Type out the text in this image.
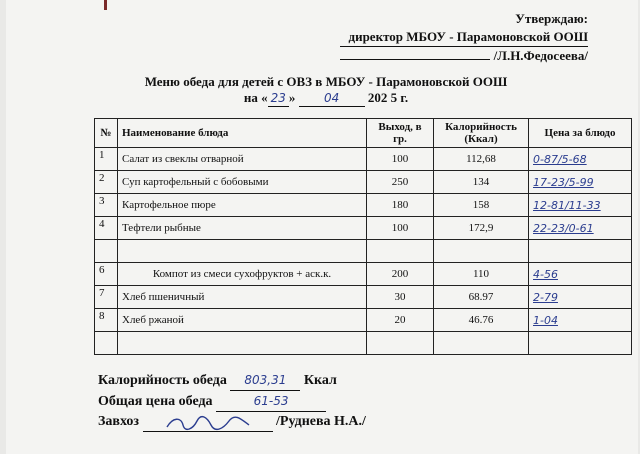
Утверждаю:
директор МБОУ - Парамоновской ООШ
/Л.Н.Федосеева/
Меню обеда для детей с ОВЗ в МБОУ - Парамоновской ООШ
на « 23 » 04 202 5 г.
№	Наименование блюда	Выход, в гр.	Калорийность (Ккал)	Цена за блюдо
1	Салат из свеклы отварной	100	112,68	0-87/5-68
2	Суп картофельный с бобовыми	250	134	17-23/5-99
3	Картофельное пюре	180	158	12-81/11-33
4	Тефтели рыбные	100	172,9	22-23/0-61

6	Компот из смеси сухофруктов + аск.к.	200	110	4-56
7	Хлеб пшеничный	30	68.97	2-79
8	Хлеб ржаной	20	46.76	1-04

Калорийность обеда 803,31 Ккал
Общая цена обеда	61-53
Завхоз	/Руднева Н.А./
